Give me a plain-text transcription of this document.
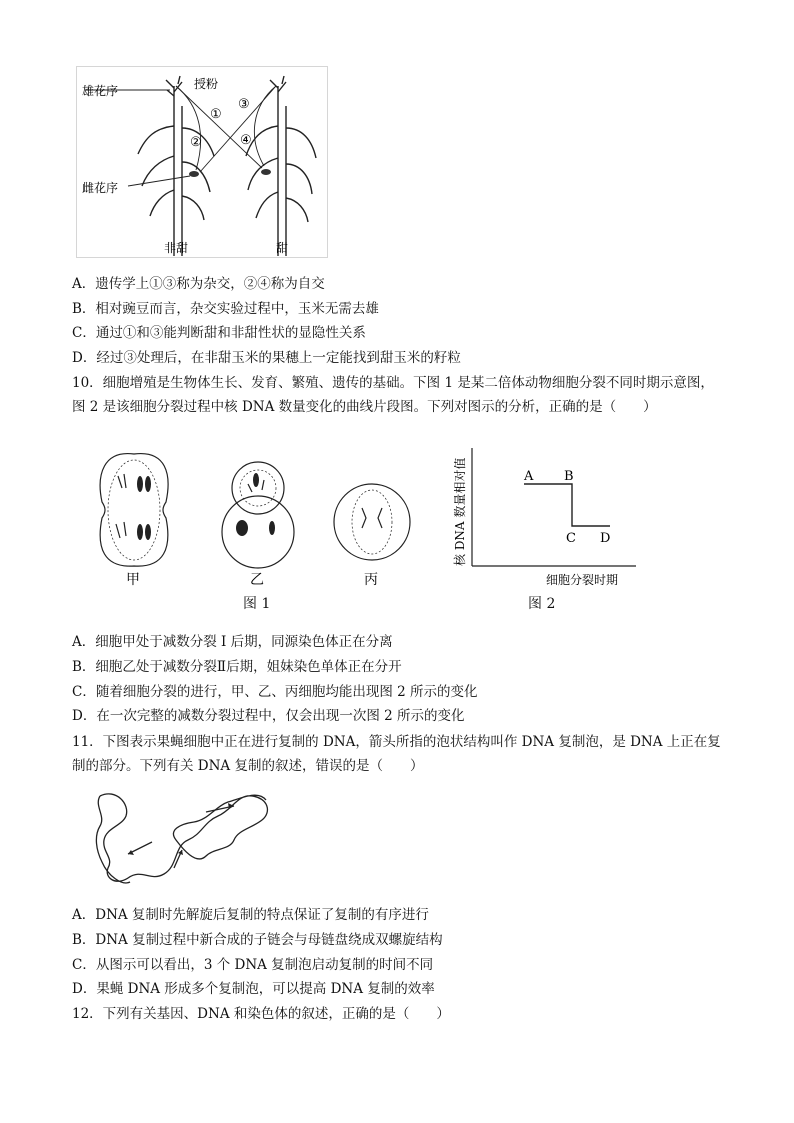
雄花序
雌花序
授粉
①
②
③
④
非甜	甜
A．遗传学上①③称为杂交，②④称为自交
B．相对豌豆而言，杂交实验过程中，玉米无需去雄
C．通过①和③能判断甜和非甜性状的显隐性关系
D．经过③处理后，在非甜玉米的果穗上一定能找到甜玉米的籽粒
10．细胞增殖是生物体生长、发育、繁殖、遗传的基础。下图 1 是某二倍体动物细胞分裂不同时期示意图，
图 2 是该细胞分裂过程中核 DNA 数量变化的曲线片段图。下列对图示的分析，正确的是（　　）
甲	乙	丙
图 1
A B
C D
核 DNA 数量相对值
细胞分裂时期
图 2
A．细胞甲处于减数分裂 I 后期，同源染色体正在分离
B．细胞乙处于减数分裂Ⅱ后期，姐妹染色单体正在分开
C．随着细胞分裂的进行，甲、乙、丙细胞均能出现图 2 所示的变化
D．在一次完整的减数分裂过程中，仅会出现一次图 2 所示的变化
11．下图表示果蝇细胞中正在进行复制的 DNA，箭头所指的泡状结构叫作 DNA 复制泡，是 DNA 上正在复
制的部分。下列有关 DNA 复制的叙述，错误的是（　　）
A．DNA 复制时先解旋后复制的特点保证了复制的有序进行
B．DNA 复制过程中新合成的子链会与母链盘绕成双螺旋结构
C．从图示可以看出，3 个 DNA 复制泡启动复制的时间不同
D．果蝇 DNA 形成多个复制泡，可以提高 DNA 复制的效率
12．下列有关基因、DNA 和染色体的叙述，正确的是（　　）
